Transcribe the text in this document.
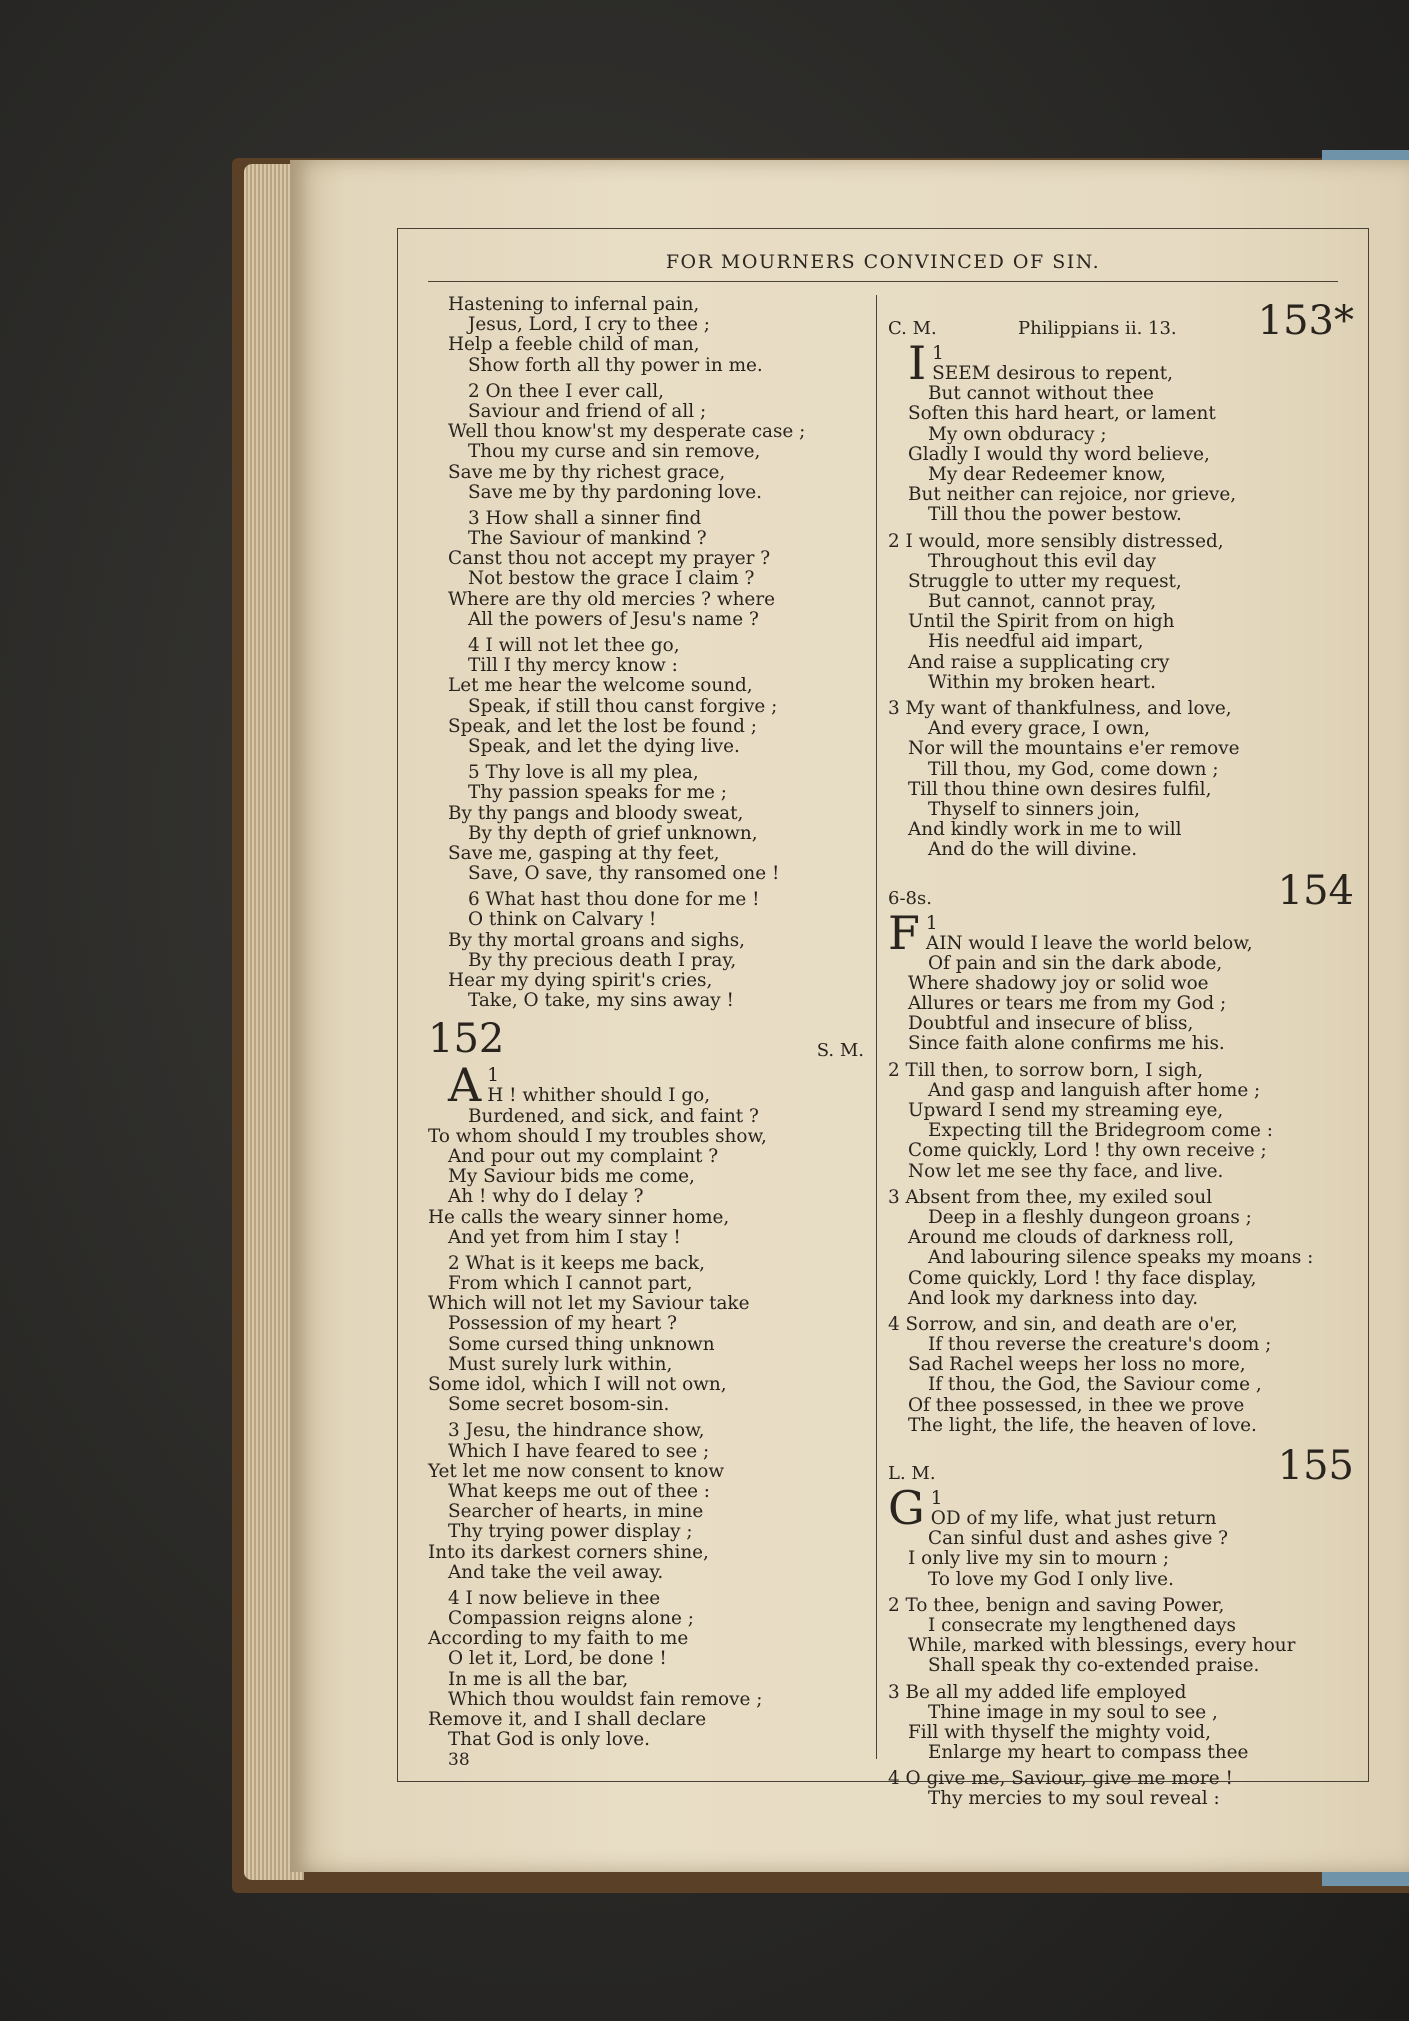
FOR MOURNERS CONVINCED OF SIN.
Hastening to infernal pain,
Jesus, Lord, I cry to thee ;
Help a feeble child of man,
Show forth all thy power in me.
2 On thee I ever call,
Saviour and friend of all ;
Well thou know'st my desperate case ;
Thou my curse and sin remove,
Save me by thy richest grace,
Save me by thy pardoning love.
3 How shall a sinner find
The Saviour of mankind ?
Canst thou not accept my prayer ?
Not bestow the grace I claim ?
Where are thy old mercies ? where
All the powers of Jesu's name ?
4 I will not let thee go,
Till I thy mercy know :
Let me hear the welcome sound,
Speak, if still thou canst forgive ;
Speak, and let the lost be found ;
Speak, and let the dying live.
5 Thy love is all my plea,
Thy passion speaks for me ;
By thy pangs and bloody sweat,
By thy depth of grief unknown,
Save me, gasping at thy feet,
Save, O save, thy ransomed one !
6 What hast thou done for me !
O think on Calvary !
By thy mortal groans and sighs,
By thy precious death I pray,
Hear my dying spirit's cries,
Take, O take, my sins away !
152	S. M.
1
A H ! whither should I go,
Burdened, and sick, and faint ?
To whom should I my troubles show,
And pour out my complaint ?
My Saviour bids me come,
Ah ! why do I delay ?
He calls the weary sinner home,
And yet from him I stay !
2 What is it keeps me back,
From which I cannot part,
Which will not let my Saviour take
Possession of my heart ?
Some cursed thing unknown
Must surely lurk within,
Some idol, which I will not own,
Some secret bosom-sin.
3 Jesu, the hindrance show,
Which I have feared to see ;
Yet let me now consent to know
What keeps me out of thee :
Searcher of hearts, in mine
Thy trying power display ;
Into its darkest corners shine,
And take the veil away.
4 I now believe in thee
Compassion reigns alone ;
According to my faith to me
O let it, Lord, be done !
In me is all the bar,
Which thou wouldst fain remove ;
Remove it, and I shall declare
That God is only love.
38
C. M.	Philippians ii. 13. 153*
1
I SEEM desirous to repent,
But cannot without thee
Soften this hard heart, or lament
My own obduracy ;
Gladly I would thy word believe,
My dear Redeemer know,
But neither can rejoice, nor grieve,
Till thou the power bestow.
2 I would, more sensibly distressed,
Throughout this evil day
Struggle to utter my request,
But cannot, cannot pray,
Until the Spirit from on high
His needful aid impart,
And raise a supplicating cry
Within my broken heart.
3 My want of thankfulness, and love,
And every grace, I own,
Nor will the mountains e'er remove
Till thou, my God, come down ;
Till thou thine own desires fulfil,
Thyself to sinners join,
And kindly work in me to will
And do the will divine.
6-8s.	154
1
F AIN would I leave the world below,
Of pain and sin the dark abode,
Where shadowy joy or solid woe
Allures or tears me from my God ;
Doubtful and insecure of bliss,
Since faith alone confirms me his.
2 Till then, to sorrow born, I sigh,
And gasp and languish after home ;
Upward I send my streaming eye,
Expecting till the Bridegroom come :
Come quickly, Lord ! thy own receive ;
Now let me see thy face, and live.
3 Absent from thee, my exiled soul
Deep in a fleshly dungeon groans ;
Around me clouds of darkness roll,
And labouring silence speaks my moans :
Come quickly, Lord ! thy face display,
And look my darkness into day.
4 Sorrow, and sin, and death are o'er,
If thou reverse the creature's doom ;
Sad Rachel weeps her loss no more,
If thou, the God, the Saviour come ,
Of thee possessed, in thee we prove
The light, the life, the heaven of love.
L. M.	155
1
G OD of my life, what just return
Can sinful dust and ashes give ?
I only live my sin to mourn ;
To love my God I only live.
2 To thee, benign and saving Power,
I consecrate my lengthened days
While, marked with blessings, every hour
Shall speak thy co-extended praise.
3 Be all my added life employed
Thine image in my soul to see ,
Fill with thyself the mighty void,
Enlarge my heart to compass thee
4 O give me, Saviour, give me more !
Thy mercies to my soul reveal :
